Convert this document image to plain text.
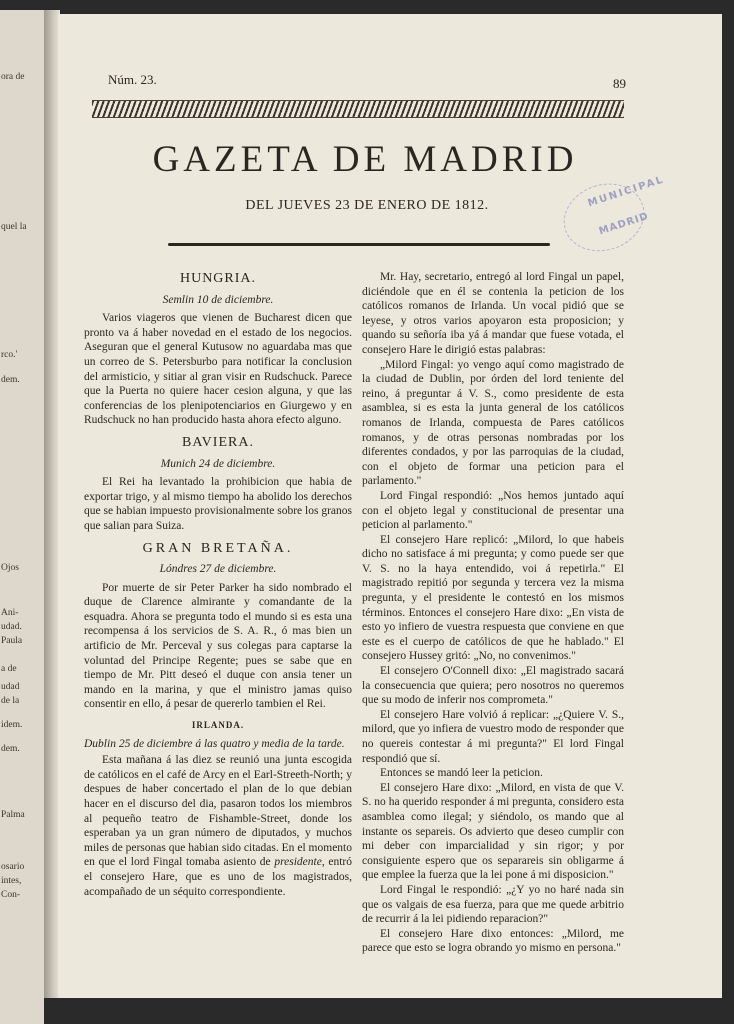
ora de
quel la
rco.'
dem.
Ojos
Ani-
udad.
Paula
a de
udad
de la
idem.
dem.
Palma
osario
intes,
Con-
Núm. 23.	89
GAZETA DE MADRID
DEL JUEVES 23 DE ENERO DE 1812.	MUNICIPAL
MADRID
HUNGRIA.
Semlin 10 de diciembre.

Varios viageros que vienen de Bucharest dicen que pronto va á haber novedad en el estado de los negocios. Aseguran que el general Kutusow no aguardaba mas que un correo de S. Petersburbo para notificar la conclusion del armisticio, y sitiar al gran visir en Rudschuck. Parece que la Puerta no quiere hacer cesion alguna, y que las conferencias de los plenipotenciarios en Giurgewo y en Rudschuck no han producido hasta ahora efecto alguno.

BAVIERA.
Munich 24 de diciembre.

El Rei ha levantado la prohibicion que habia de exportar trigo, y al mismo tiempo ha abolido los derechos que se habian impuesto provisionalmente sobre los granos que salian para Suiza.

GRAN BRETAÑA.
Lóndres 27 de diciembre.

Por muerte de sir Peter Parker ha sido nombrado el duque de Clarence almirante y comandante de la esquadra. Ahora se pregunta todo el mundo si es esta una recompensa á los servicios de S. A. R., ó mas bien un artificio de Mr. Perceval y sus colegas para captarse la voluntad del Principe Regente; pues se sabe que en tiempo de Mr. Pitt deseó el duque con ansia tener un mando en la marina, y que el ministro jamas quiso consentir en ello, á pesar de quererlo tambien el Rei.

IRLANDA.
Dublin 25 de diciembre á las quatro y media de la tarde.

Esta mañana á las diez se reunió una junta escogida de católicos en el café de Arcy en el Earl-Streeth-North; y despues de haber concertado el plan de lo que debian hacer en el discurso del dia, pasaron todos los miembros al pequeño teatro de Fishamble-Street, donde los esperaban ya un gran número de diputados, y muchos miles de personas que habian sido citadas. En el momento en que el lord Fingal tomaba asiento de presidente, entró el consejero Hare, que es uno de los magistrados, acompañado de un séquito correspondiente.

Mr. Hay, secretario, entregó al lord Fingal un papel, diciéndole que en él se contenia la peticion de los católicos romanos de Irlanda. Un vocal pidió que se leyese, y otros varios apoyaron esta proposicion; y quando su señoría iba yá á mandar que fuese votada, el consejero Hare le dirigió estas palabras:

„Milord Fingal: yo vengo aquí como magistrado de la ciudad de Dublin, por órden del lord teniente del reino, á preguntar á V. S., como presidente de esta asamblea, si es esta la junta general de los católicos romanos de Irlanda, compuesta de Pares católicos romanos, y de otras personas nombradas por los diferentes condados, y por las parroquias de la ciudad, con el objeto de formar una peticion para el parlamento."

Lord Fingal respondió: „Nos hemos juntado aquí con el objeto legal y constitucional de presentar una peticion al parlamento."

El consejero Hare replicó: „Milord, lo que habeis dicho no satisface á mi pregunta; y como puede ser que V. S. no la haya entendido, voi á repetirla." El magistrado repitió por segunda y tercera vez la misma pregunta, y el presidente le contestó en los mismos términos. Entonces el consejero Hare dixo: „En vista de esto yo infiero de vuestra respuesta que conviene en que este es el cuerpo de católicos de que he hablado." El consejero Hussey gritó: „No, no convenimos."

El consejero O'Connell dixo: „El magistrado sacará la consecuencia que quiera; pero nosotros no queremos que su modo de inferir nos comprometa."

El consejero Hare volvió á replicar: „¿Quiere V. S., milord, que yo infiera de vuestro modo de responder que no quereis contestar á mi pregunta?" El lord Fingal respondió que sí.

Entonces se mandó leer la peticion.

El consejero Hare dixo: „Milord, en vista de que V. S. no ha querido responder á mi pregunta, considero esta asamblea como ilegal; y siéndolo, os mando que al instante os separeis. Os advierto que deseo cumplir con mi deber con imparcialidad y sin rigor; y por consiguiente espero que os separareis sin obligarme á que emplee la fuerza que la lei pone á mi disposicion."

Lord Fingal le respondió: „¿Y yo no haré nada sin que os valgais de esa fuerza, para que me quede arbitrio de recurrir á la lei pidiendo reparacion?"

El consejero Hare dixo entonces: „Milord, me parece que esto se logra obrando yo mismo en persona."
